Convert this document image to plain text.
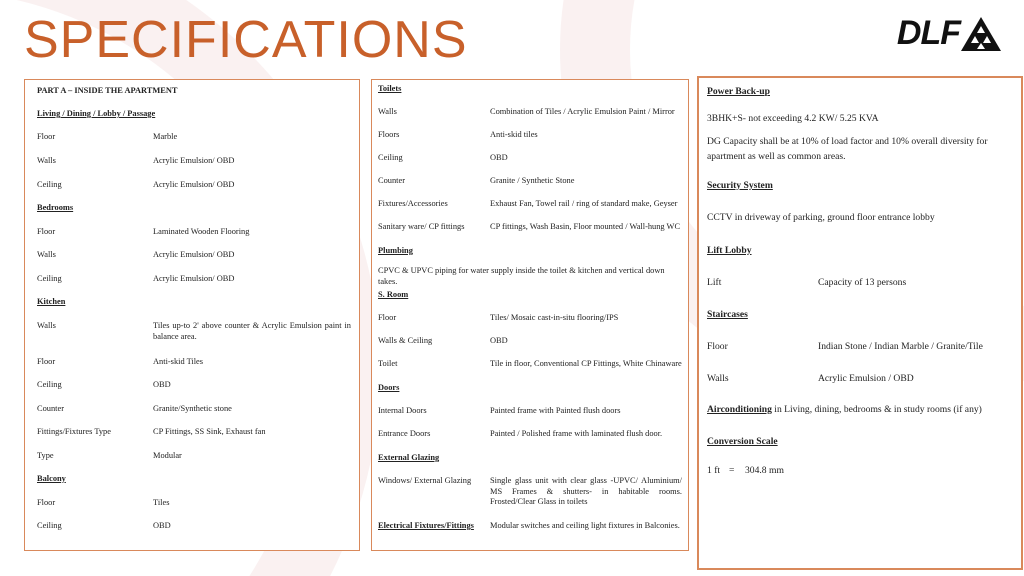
SPECIFICATIONS	DLF
PART A – INSIDE THE APARTMENT
Living / Dining / Lobby / Passage
Floor	Marble
Walls	Acrylic Emulsion/ OBD
Ceiling	Acrylic Emulsion/ OBD
Bedrooms
Floor	Laminated Wooden Flooring
Walls	Acrylic Emulsion/ OBD
Ceiling	Acrylic Emulsion/ OBD
Kitchen
Walls	Tiles up-to 2' above counter & Acrylic Emulsion paint in balance area.
Floor	Anti-skid Tiles
Ceiling	OBD
Counter	Granite/Synthetic stone
Fittings/Fixtures Type	CP Fittings, SS Sink, Exhaust fan
Type	Modular
Balcony
Floor	Tiles
Ceiling	OBD
Toilets
Walls	Combination of Tiles / Acrylic Emulsion Paint / Mirror
Floors	Anti-skid tiles
Ceiling	OBD
Counter	Granite / Synthetic Stone
Fixtures/Accessories	Exhaust Fan, Towel rail / ring of standard make, Geyser
Sanitary ware/ CP fittings	CP fittings, Wash Basin, Floor mounted / Wall-hung WC
Plumbing
CPVC & UPVC piping for water supply inside the toilet & kitchen and vertical down takes.
S. Room
Floor	Tiles/ Mosaic cast-in-situ flooring/IPS
Walls & Ceiling	OBD
Toilet	Tile in floor, Conventional CP Fittings, White Chinaware
Doors
Internal Doors	Painted frame with Painted flush doors
Entrance Doors	Painted / Polished frame with laminated flush door.
External Glazing
Windows/ External Glazing	Single glass unit with clear glass -UPVC/ Aluminium/ MS Frames & shutters- in habitable rooms. Frosted/Clear Glass in toilets
Electrical Fixtures/Fittings	Modular switches and ceiling light fixtures in Balconies.
Power Back-up
3BHK+S- not exceeding 4.2 KW/ 5.25 KVA
DG Capacity shall be at 10% of load factor and 10% overall diversity for apartment as well as common areas.
Security System
CCTV in driveway of parking, ground floor entrance lobby
Lift Lobby
Lift	Capacity of 13 persons
Staircases
Floor	Indian Stone / Indian Marble / Granite/Tile
Walls	Acrylic Emulsion / OBD
Airconditioning in Living, dining, bedrooms & in study rooms (if any)
Conversion Scale
1 ft =	304.8 mm
